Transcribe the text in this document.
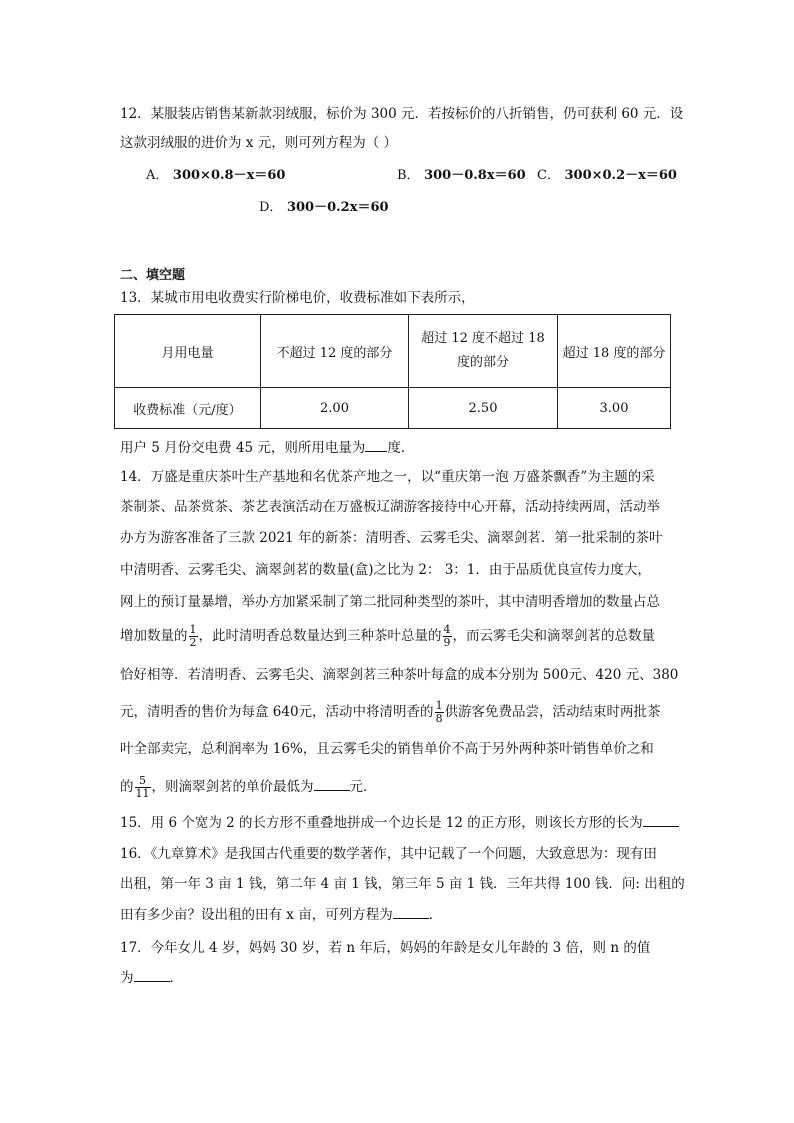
12．某服装店销售某新款羽绒服，标价为 300 元．若按标价的八折销售，仍可获利 60 元．设
这款羽绒服的进价为 x 元，则可列方程为（ ）
A． 300×0.8－x＝60	B． 300－0.8x＝60 C． 300×0.2－x＝60
D． 300－0.2x＝60
二、填空题
13．某城市用电收费实行阶梯电价，收费标准如下表所示，
月用电量	不超过 12 度的部分	超过 12 度不超过 18
度的部分	超过 18 度的部分
收费标准（元/度）	2.00	2.50	3.00
用户 5 月份交电费 45 元，则所用电量为 度．
14．万盛是重庆茶叶生产基地和名优茶产地之一，以“重庆第一泡 万盛茶飘香”为主题的采
茶制茶、品茶赏茶、茶艺表演活动在万盛板辽湖游客接待中心开幕，活动持续两周，活动举
办方为游客准备了三款 2021 年的新茶：清明香、云雾毛尖、滴翠剑茗．第一批采制的茶叶
中清明香、云雾毛尖、滴翠剑茗的数量(盒)之比为 2： 3：1．由于品质优良宣传力度大，
网上的预订量暴增，举办方加紧采制了第二批同种类型的茶叶，其中清明香增加的数量占总
增加数量的 $\frac{1}{2}$ ，此时清明香总数量达到三种茶叶总量的 $\frac{4}{9}$ ，而云雾毛尖和滴翠剑茗的总数量
恰好相等．若清明香、云雾毛尖、滴翠剑茗三种茶叶每盒的成本分别为 500元、420 元、380
元，清明香的售价为每盒 640元，活动中将清明香的 $\frac{1}{8}$ 供游客免费品尝，活动结束时两批茶
叶全部卖完，总利润率为 16%，且云雾毛尖的销售单价不高于另外两种茶叶销售单价之和
的 $\frac{5}{11}$ ，则滴翠剑茗的单价最低为	元．
15．用 6 个宽为 2 的长方形不重叠地拼成一个边长是 12 的正方形，则该长方形的长为
16．《九章算术》是我国古代重要的数学著作，其中记载了一个问题，大致意思为：现有田
出租，第一年 3 亩 1 钱，第二年 4 亩 1 钱，第三年 5 亩 1 钱．三年共得 100 钱．问: 出租的
田有多少亩？设出租的田有 x 亩，可列方程为	．
17．今年女儿 4 岁，妈妈 30 岁，若 n 年后，妈妈的年龄是女儿年龄的 3 倍，则 n 的值
为	．
